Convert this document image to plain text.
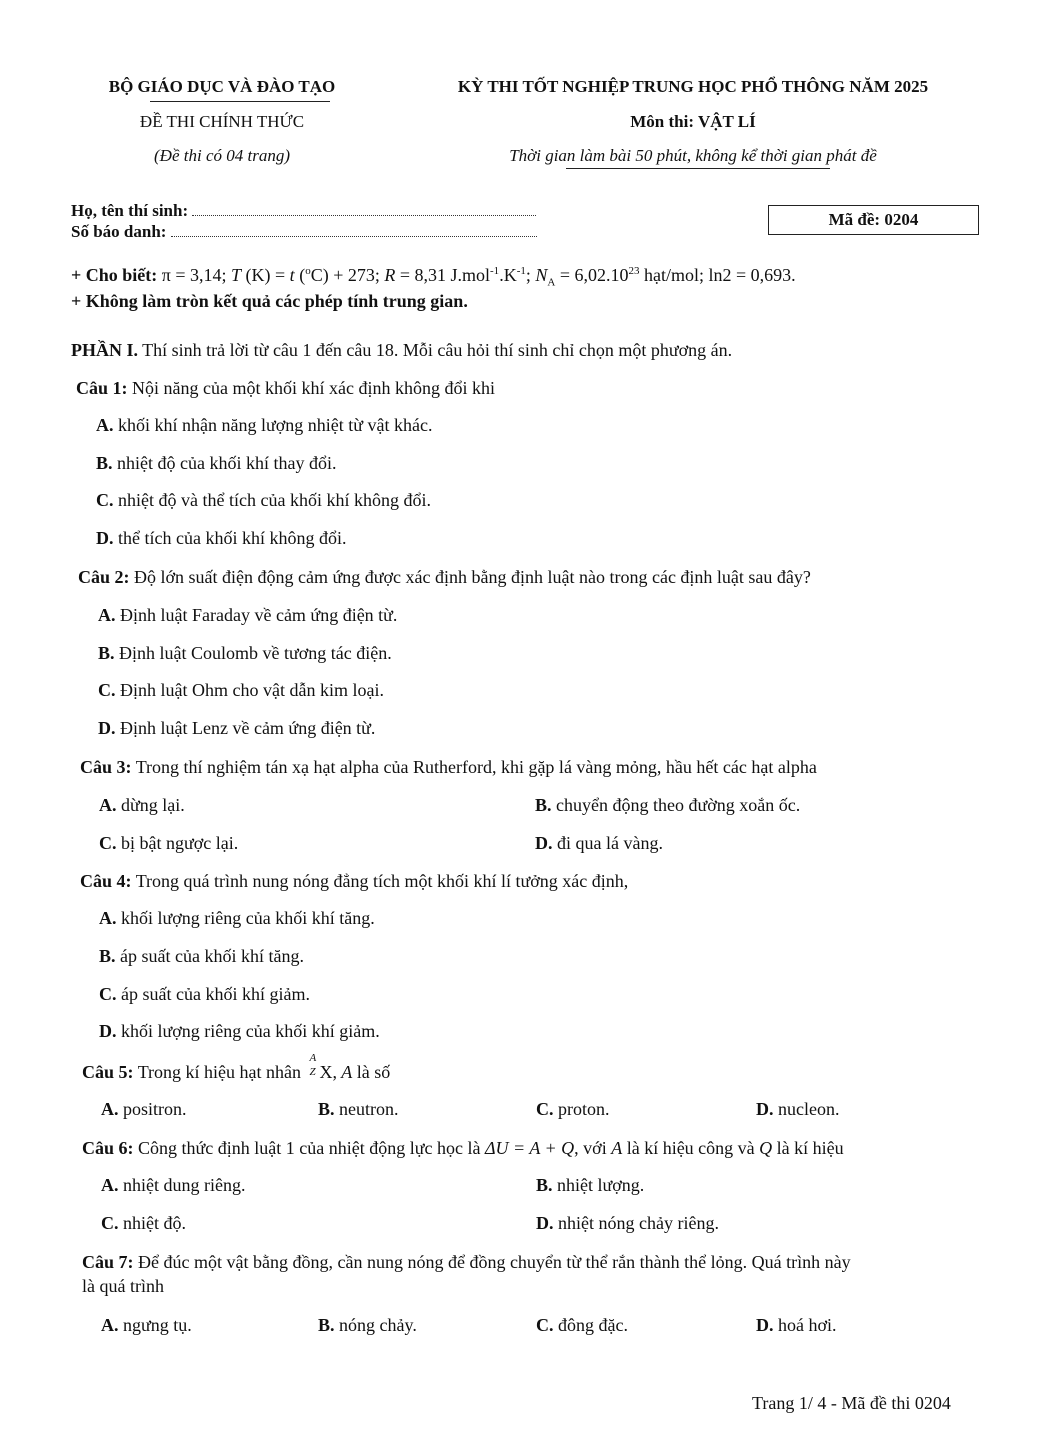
BỘ GIÁO DỤC VÀ ĐÀO TẠO
ĐỀ THI CHÍNH THỨC
(Đề thi có 04 trang)
KỲ THI TỐT NGHIỆP TRUNG HỌC PHỔ THÔNG NĂM 2025
Môn thi: VẬT LÍ
Thời gian làm bài 50 phút, không kể thời gian phát đề
Họ, tên thí sinh:
Số báo danh:
Mã đề: 0204
+ Cho biết: π = 3,14; T (K) = t ($^o$C) + 273; R = 8,31 $J.mol^{-1}.K^{-1}$; $N_A = 6,02.10^{23}$ hạt/mol; ln2 = 0,693.
+ Không làm tròn kết quả các phép tính trung gian.
PHẦN I. Thí sinh trả lời từ câu 1 đến câu 18. Mỗi câu hỏi thí sinh chỉ chọn một phương án.
Câu 1: Nội năng của một khối khí xác định không đổi khi
A. khối khí nhận năng lượng nhiệt từ vật khác.
B. nhiệt độ của khối khí thay đổi.
C. nhiệt độ và thể tích của khối khí không đổi.
D. thể tích của khối khí không đổi.
Câu 2: Độ lớn suất điện động cảm ứng được xác định bằng định luật nào trong các định luật sau đây?
A. Định luật Faraday về cảm ứng điện từ.
B. Định luật Coulomb về tương tác điện.
C. Định luật Ohm cho vật dẫn kim loại.
D. Định luật Lenz về cảm ứng điện từ.
Câu 3: Trong thí nghiệm tán xạ hạt alpha của Rutherford, khi gặp lá vàng mỏng, hầu hết các hạt alpha
A. dừng lại.	B. chuyển động theo đường xoắn ốc.
C. bị bật ngược lại.	D. đi qua lá vàng.
Câu 4: Trong quá trình nung nóng đẳng tích một khối khí lí tưởng xác định,
A. khối lượng riêng của khối khí tăng.
B. áp suất của khối khí tăng.
C. áp suất của khối khí giảm.
D. khối lượng riêng của khối khí giảm.
Câu 5: Trong kí hiệu hạt nhân
A
Z X, A là số
A. positron.	B. neutron.	C. proton.	D. nucleon.
Câu 6: Công thức định luật 1 của nhiệt động lực học là ΔU = A + Q, với A là kí hiệu công và Q là kí hiệu
A. nhiệt dung riêng.	B. nhiệt lượng.
C. nhiệt độ.	D. nhiệt nóng chảy riêng.
Câu 7: Để đúc một vật bằng đồng, cần nung nóng để đồng chuyển từ thể rắn thành thể lỏng. Quá trình này
là quá trình
A. ngưng tụ.	B. nóng chảy.	C. đông đặc.	D. hoá hơi.
Trang 1/ 4 - Mã đề thi 0204
